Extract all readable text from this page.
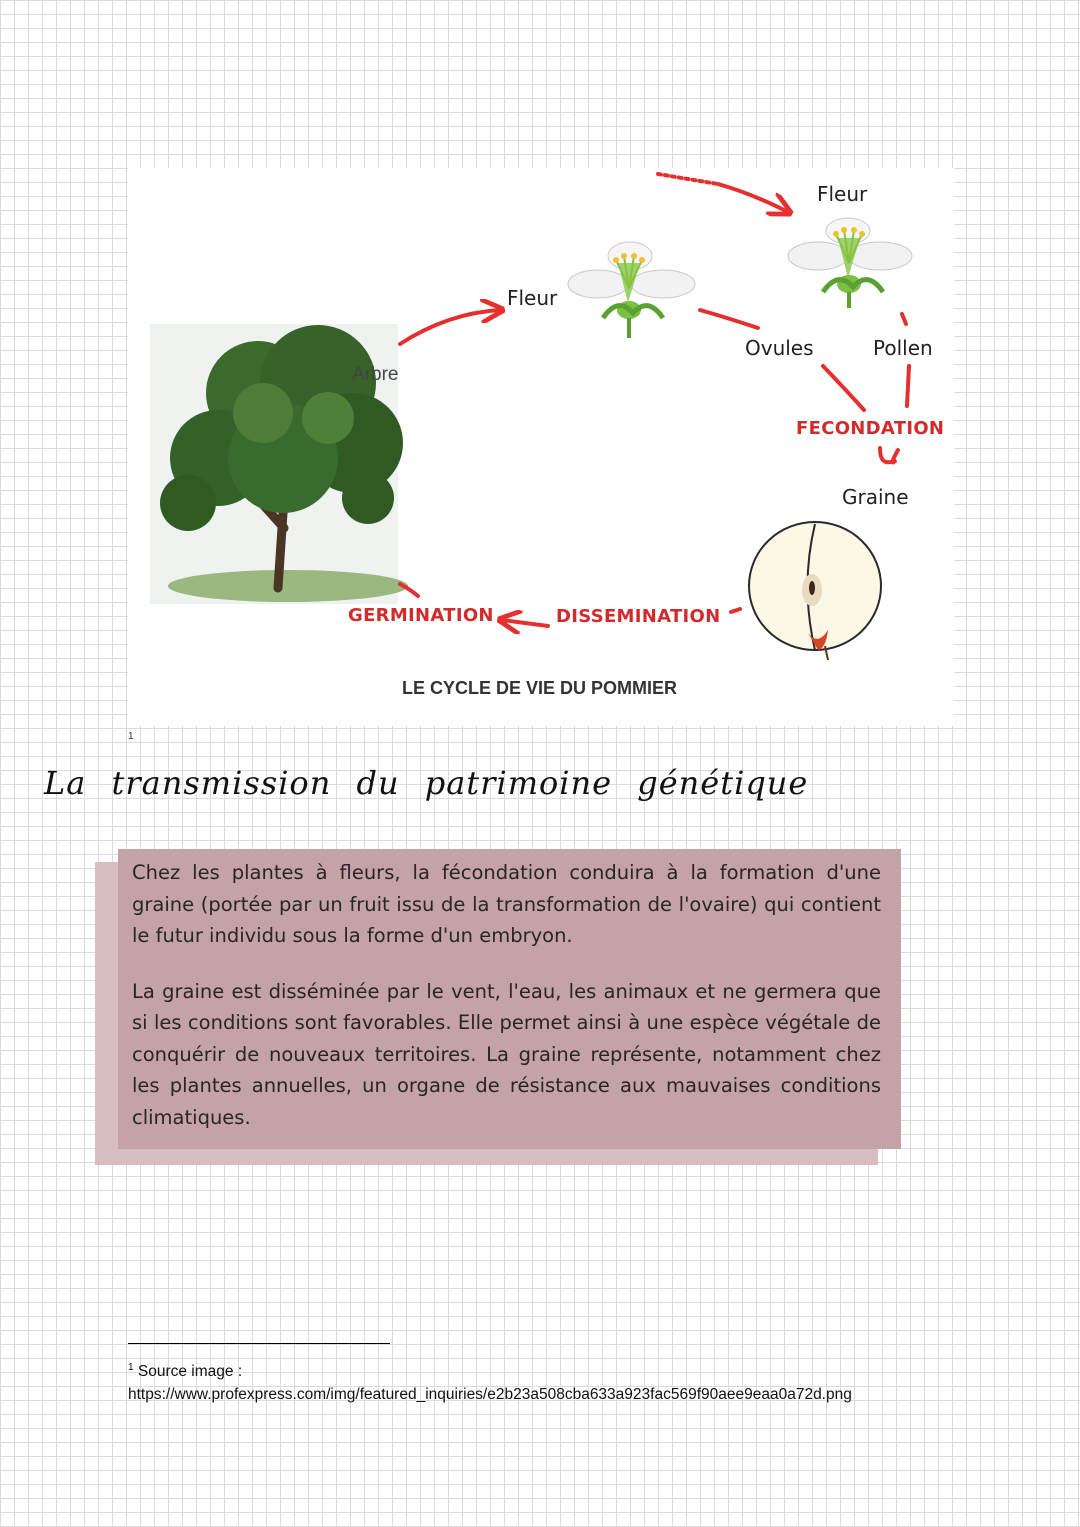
Arbre
Fleur
Fleur
Ovules	Pollen
FECONDATION
Graine
GERMINATION	DISSEMINATION
LE CYCLE DE VIE DU POMMIER
1
La transmission du patrimoine génétique

Chez les plantes à fleurs, la fécondation conduira à la formation d'une graine (portée par un fruit issu de la transformation de l'ovaire) qui contient le futur individu sous la forme d'un embryon.

La graine est disséminée par le vent, l'eau, les animaux et ne germera que si les conditions sont favorables. Elle permet ainsi à une espèce végétale de conquérir de nouveaux territoires. La graine représente, notamment chez les plantes annuelles, un organe de résistance aux mauvaises conditions climatiques.

$^1$ Source image :
https://www.profexpress.com/img/featured_inquiries/e2b23a508cba633a923fac569f90aee9eaa0a72d.png
